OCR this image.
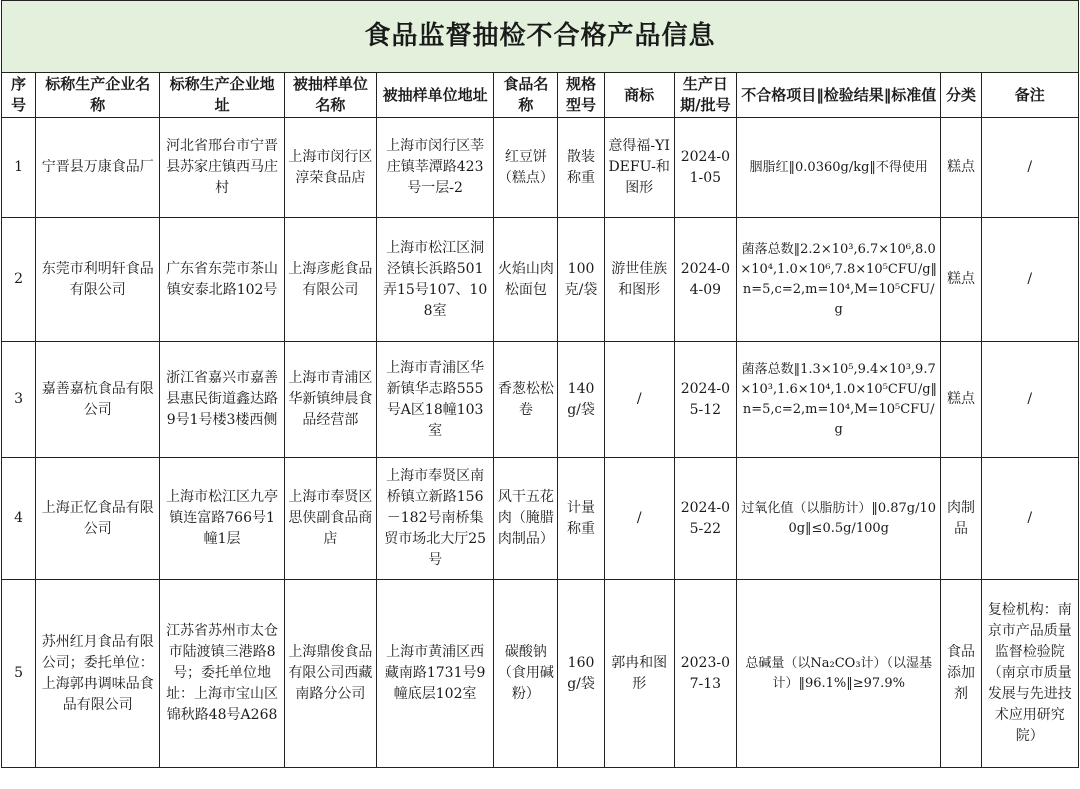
食品监督抽检不合格产品信息											
序号	标称生产企业名称	标称生产企业地址	被抽样单位名称	被抽样单位地址	食品名称	规格型号	商标	生产日期/批号	不合格项目‖检验结果‖标准值	分类	备注
1	宁晋县万康食品厂	河北省邢台市宁晋县苏家庄镇西马庄村	上海市闵行区淳荣食品店	上海市闵行区莘庄镇莘潭路423号一层-2	红豆饼（糕点）	散装称重	意得福-YIDEFU-和图形	2024-01-05	胭脂红‖0.0360g/kg‖不得使用	糕点	/
2	东莞市利明轩食品有限公司	广东省东莞市茶山镇安泰北路102号	上海彦彪食品有限公司	上海市松江区洞泾镇长浜路501弄15号107、108室	火焰山肉松面包	100克/袋	游世佳族和图形	2024-04-09	菌落总数‖2.2×10³,6.7×10⁶,8.0×10⁴,1.0×10⁶,7.8×10⁵CFU/g‖n=5,c=2,m=10⁴,M=10⁵CFU/g	糕点	/
3	嘉善嘉杭食品有限公司	浙江省嘉兴市嘉善县惠民街道鑫达路9号1号楼3楼西侧	上海市青浦区华新镇绅晨食品经营部	上海市青浦区华新镇华志路555号A区18幢103室	香葱松松卷	140g/袋	/	2024-05-12	菌落总数‖1.3×10⁵,9.4×10³,9.7×10³,1.6×10⁴,1.0×10⁵CFU/g‖n=5,c=2,m=10⁴,M=10⁵CFU/g	糕点	/
4	上海正忆食品有限公司	上海市松江区九亭镇连富路766号1幢1层	上海市奉贤区思侠副食品商店	上海市奉贤区南桥镇立新路156－182号南桥集贸市场北大厅25号	风干五花肉（腌腊肉制品）	计量称重	/	2024-05-22	过氧化值（以脂肪计）‖0.87g/100g‖≤0.5g/100g	肉制品	/
5	苏州红月食品有限公司；委托单位：上海郭冉调味品食品有限公司	江苏省苏州市太仓市陆渡镇三港路8号；委托单位地址：上海市宝山区锦秋路48号A268	上海鼎俊食品有限公司西藏南路分公司	上海市黄浦区西藏南路1731号9幢底层102室	碳酸钠（食用碱粉）	160g/袋	郭冉和图形	2023-07-13	总碱量（以Na₂CO₃计）（以湿基计）‖96.1%‖≥97.9%	食品添加剂	复检机构：南京市产品质量监督检验院（南京市质量发展与先进技术应用研究院）
